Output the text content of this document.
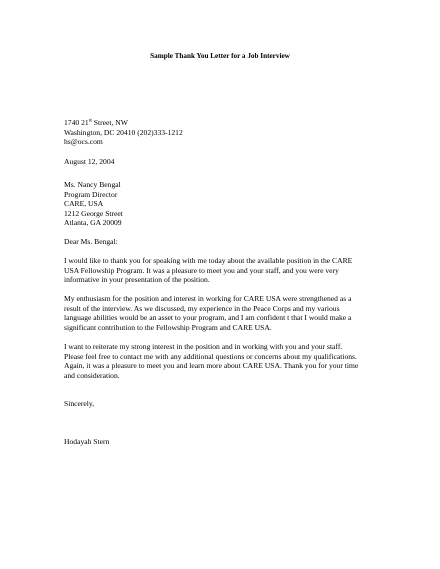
Sample Thank You Letter for a Job Interview
1740 21st Street, NW
Washington, DC 20410 (202)333-1212
hs@ocs.com
August 12, 2004
Ms. Nancy Bengal
Program Director
CARE, USA
1212 George Street
Atlanta, GA 20009
Dear Ms. Bengal:
I would like to thank you for speaking with me today about the available position in the CARE
USA Fellowship Program. It was a pleasure to meet you and your staff, and you were very
informative in your presentation of the position.
My enthusiasm for the position and interest in working for CARE USA were strengthened as a
result of the interview. As we discussed, my experience in the Peace Corps and my various
language abilities would be an asset to your program, and I am confident t that I would make a
significant contribution to the Fellowship Program and CARE USA.
I want to reiterate my strong interest in the position and in working with you and your staff.
Please feel free to contact me with any additional questions or concerns about my qualifications.
Again, it was a pleasure to meet you and learn more about CARE USA. Thank you for your time
and consideration.
Sincerely,
Hodayah Stern
